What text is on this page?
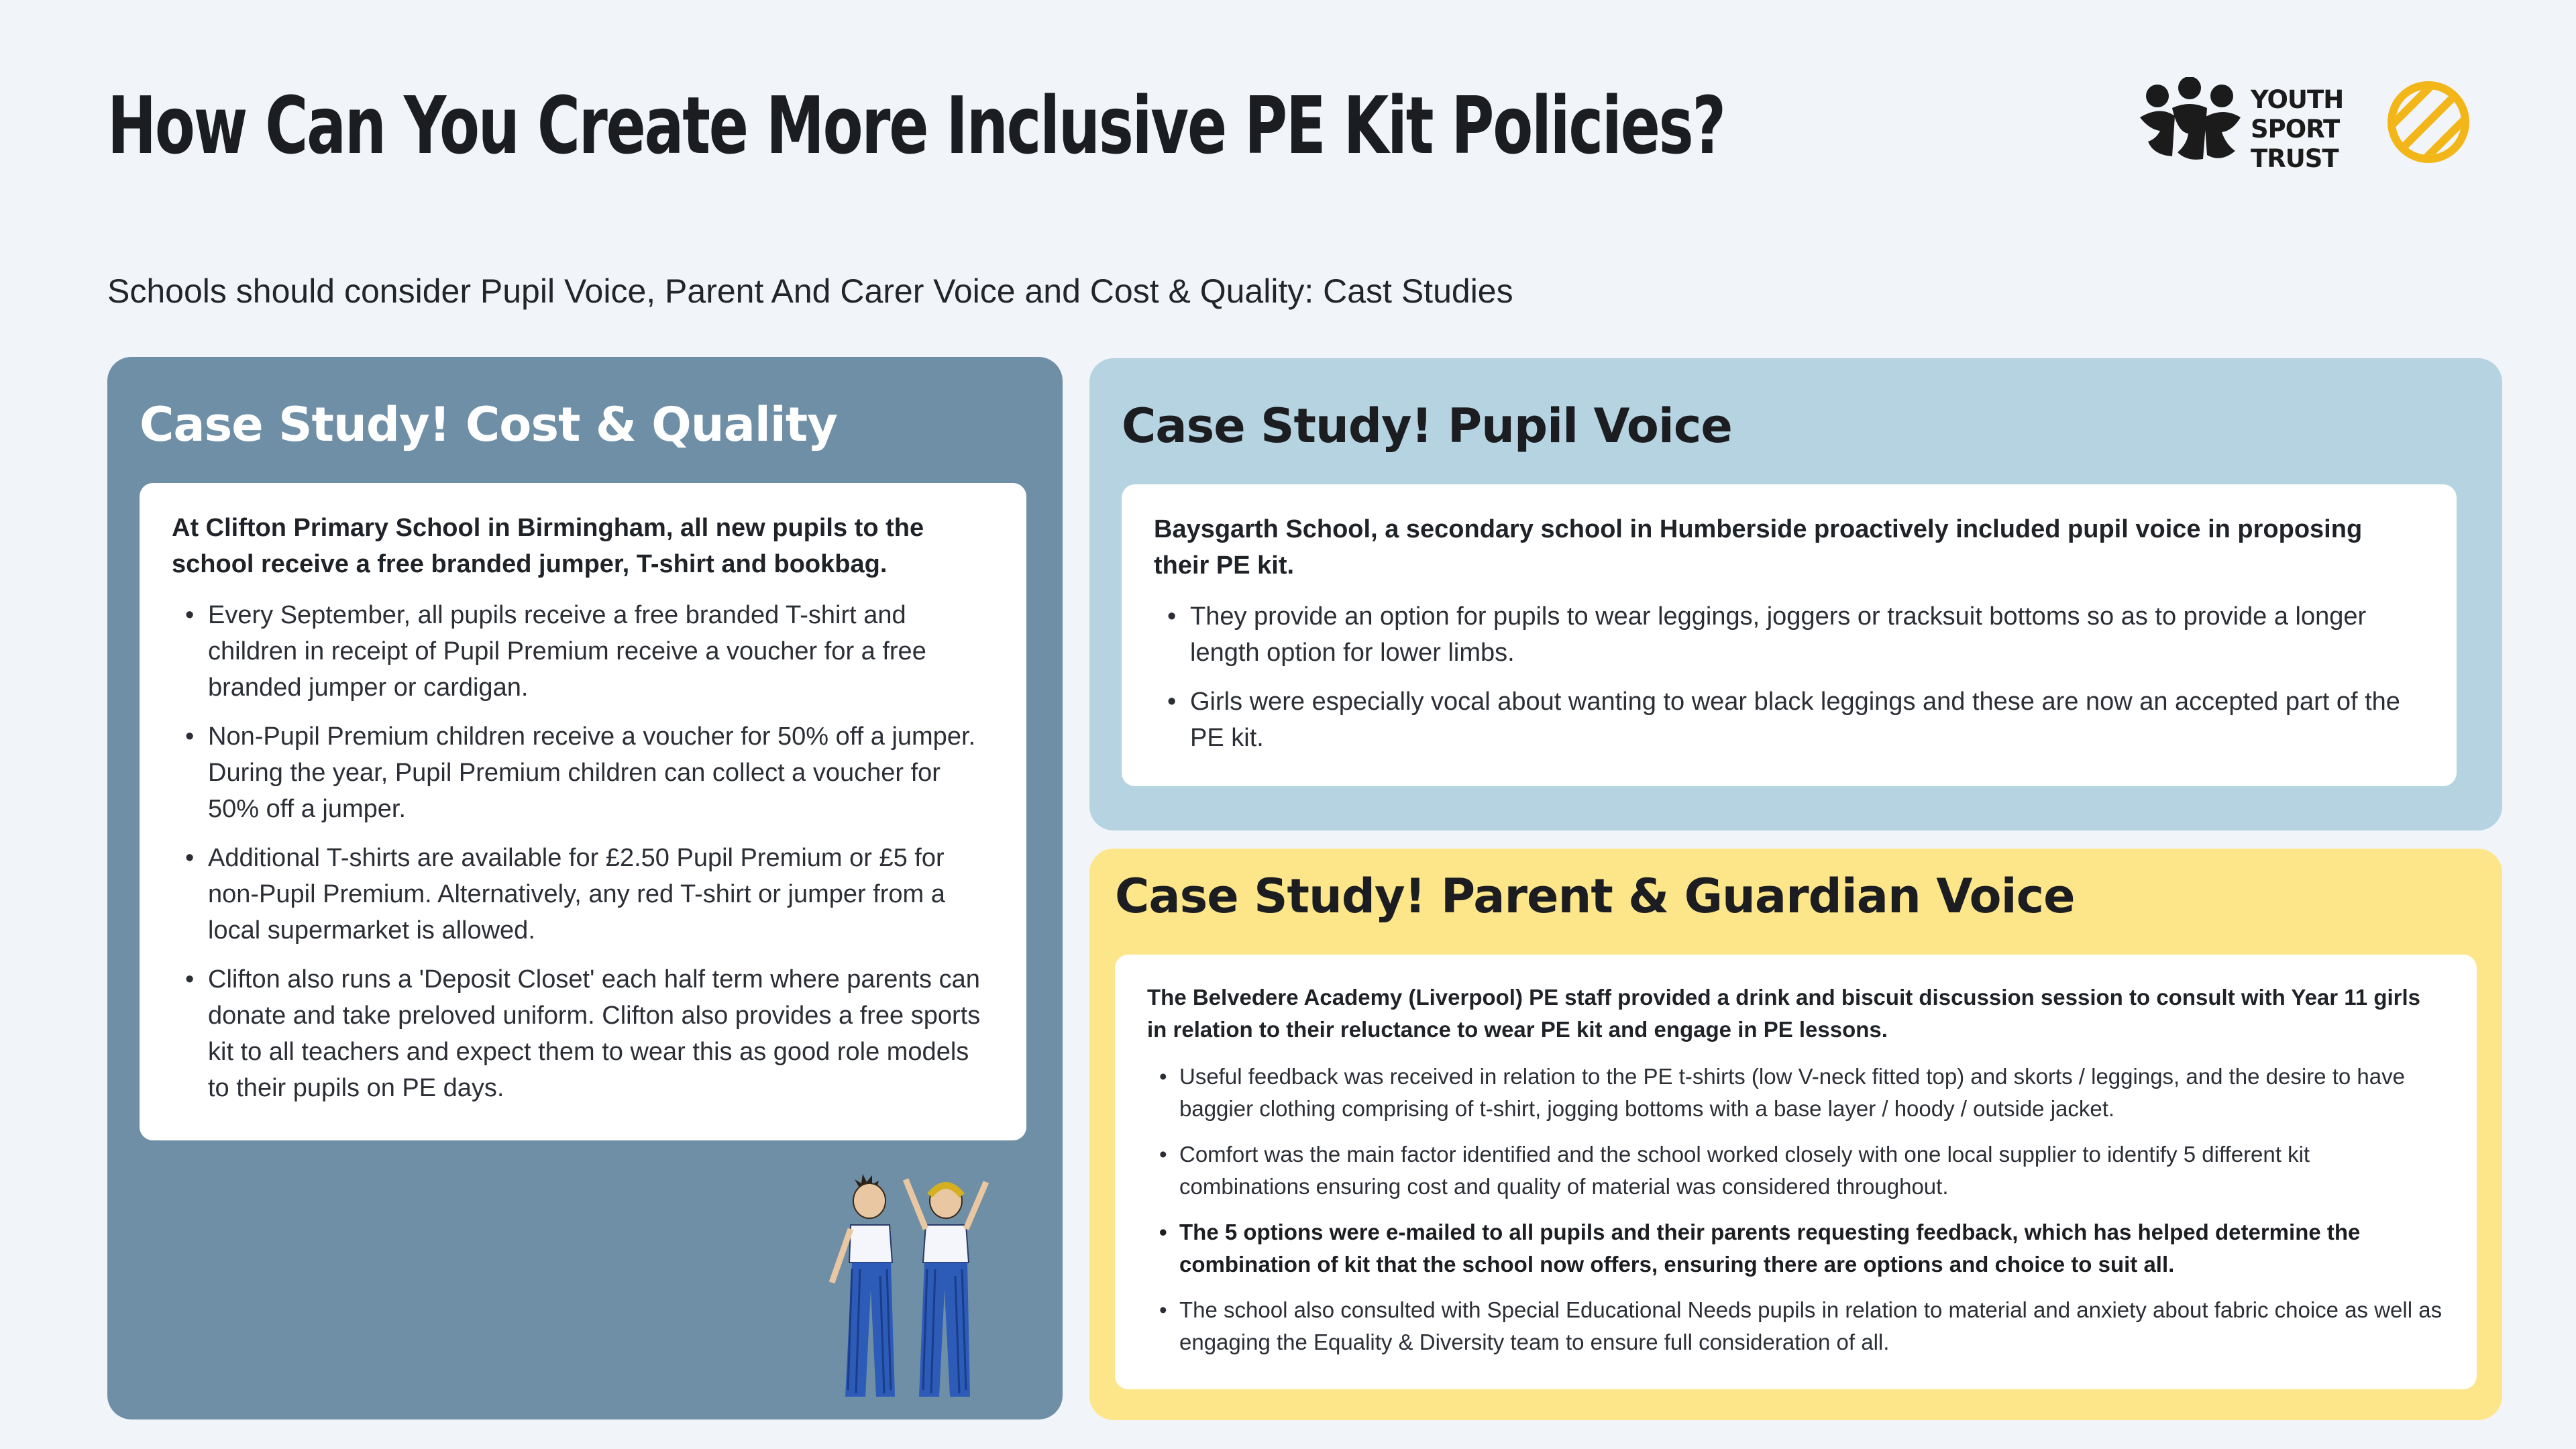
How Can You Create More Inclusive PE Kit Policies?

Schools should consider Pupil Voice, Parent And Carer Voice and Cost & Quality: Cast Studies

YOUTH
SPORT
TRUST
Case Study! Cost & Quality

At Clifton Primary School in Birmingham, all new pupils to the school receive a free branded jumper, T-shirt and bookbag.

• Every September, all pupils receive a free branded T-shirt and children in receipt of Pupil Premium receive a voucher for a free branded jumper or cardigan.
• Non-Pupil Premium children receive a voucher for 50% off a jumper. During the year, Pupil Premium children can collect a voucher for 50% off a jumper.
• Additional T-shirts are available for £2.50 Pupil Premium or £5 for non-Pupil Premium. Alternatively, any red T-shirt or jumper from a local supermarket is allowed.
• Clifton also runs a 'Deposit Closet' each half term where parents can donate and take preloved uniform. Clifton also provides a free sports kit to all teachers and expect them to wear this as good role models to their pupils on PE days.
Case Study! Pupil Voice

Baysgarth School, a secondary school in Humberside proactively included pupil voice in proposing their PE kit.

• They provide an option for pupils to wear leggings, joggers or tracksuit bottoms so as to provide a longer length option for lower limbs.
• Girls were especially vocal about wanting to wear black leggings and these are now an accepted part of the PE kit.
Case Study! Parent & Guardian Voice

The Belvedere Academy (Liverpool) PE staff provided a drink and biscuit discussion session to consult with Year 11 girls in relation to their reluctance to wear PE kit and engage in PE lessons.

• Useful feedback was received in relation to the PE t-shirts (low V-neck fitted top) and skorts / leggings, and the desire to have baggier clothing comprising of t-shirt, jogging bottoms with a base layer / hoody / outside jacket.
• Comfort was the main factor identified and the school worked closely with one local supplier to identify 5 different kit combinations ensuring cost and quality of material was considered throughout.
• The 5 options were e-mailed to all pupils and their parents requesting feedback, which has helped determine the combination of kit that the school now offers, ensuring there are options and choice to suit all.
• The school also consulted with Special Educational Needs pupils in relation to material and anxiety about fabric choice as well as engaging the Equality & Diversity team to ensure full consideration of all.
